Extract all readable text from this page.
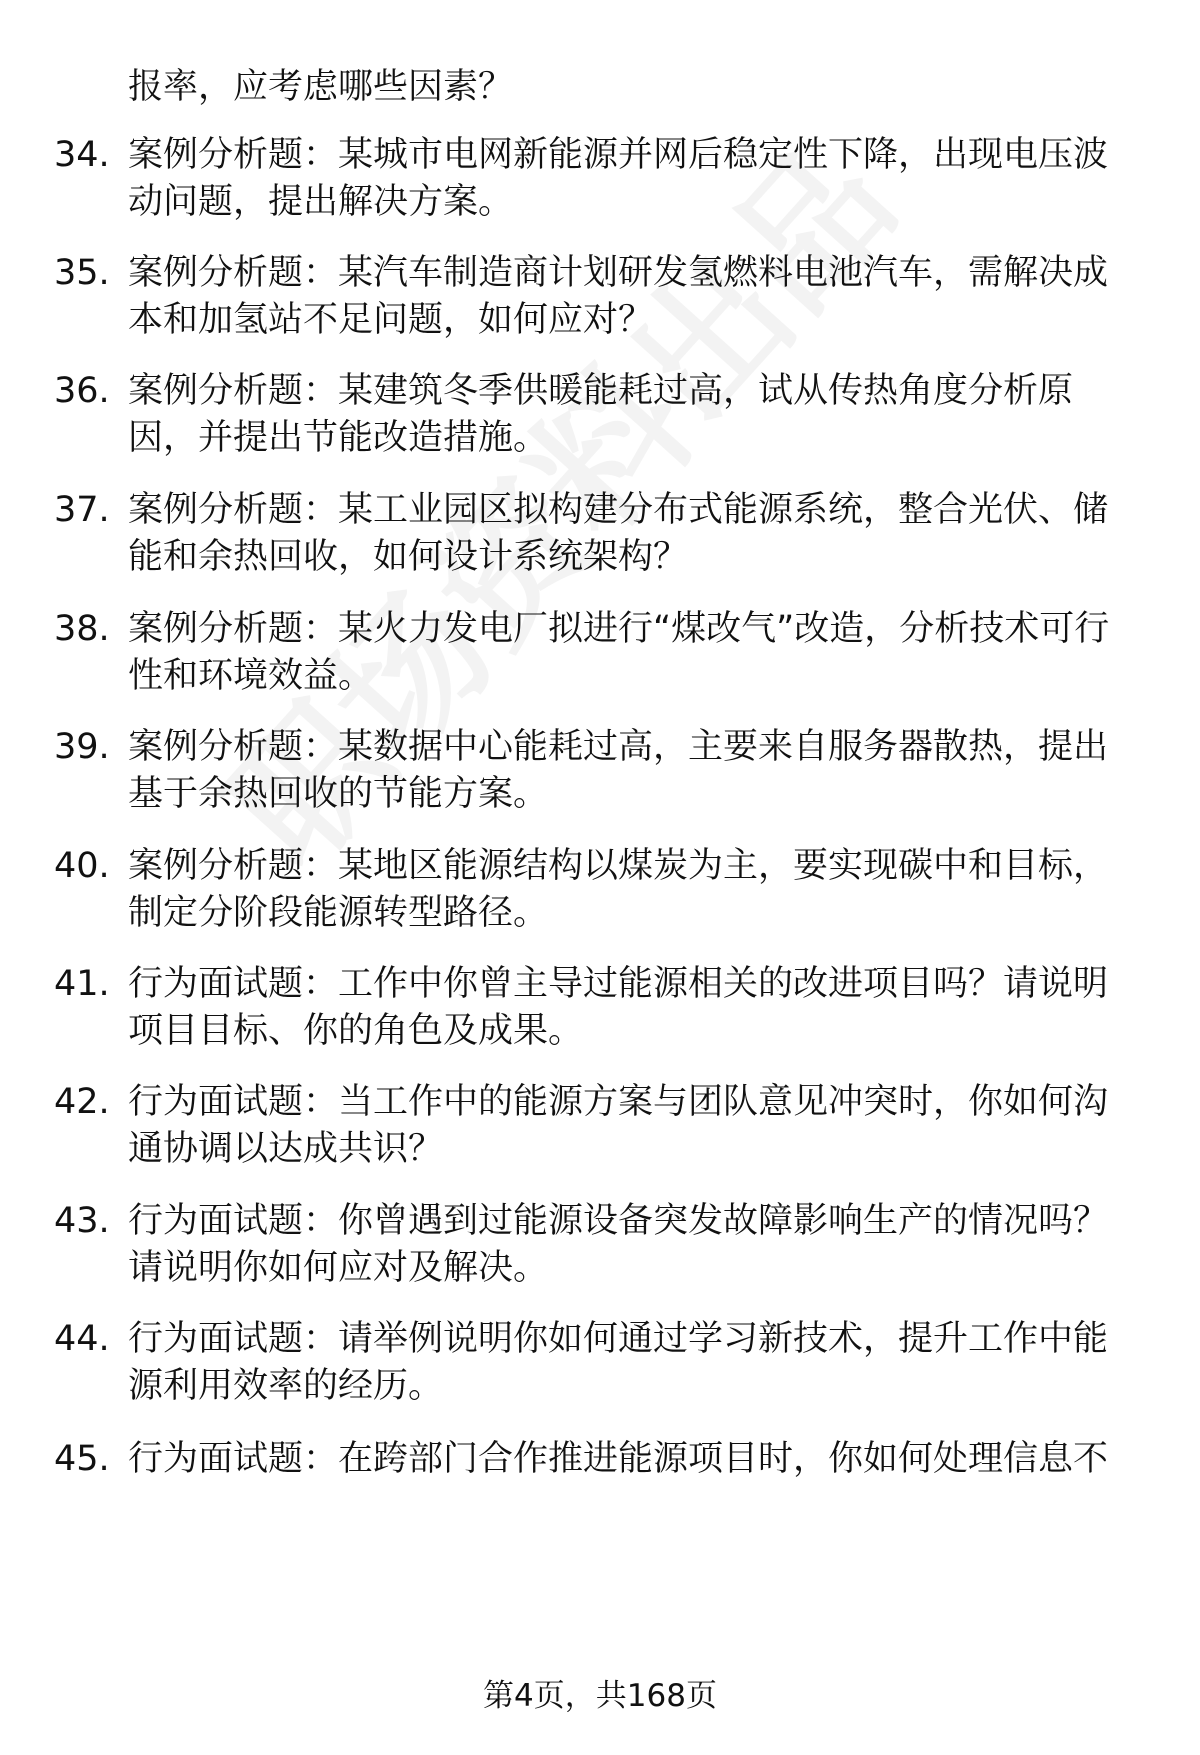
报率，应考虑哪些因素？
34. 案例分析题：某城市电网新能源并网后稳定性下降，出现电压波动问题，提出解决方案。
35. 案例分析题：某汽车制造商计划研发氢燃料电池汽车，需解决成本和加氢站不足问题，如何应对？
36. 案例分析题：某建筑冬季供暖能耗过高，试从传热角度分析原因，并提出节能改造措施。
37. 案例分析题：某工业园区拟构建分布式能源系统，整合光伏、储能和余热回收，如何设计系统架构？
38. 案例分析题：某火力发电厂拟进行“煤改气”改造，分析技术可行性和环境效益。
39. 案例分析题：某数据中心能耗过高，主要来自服务器散热，提出基于余热回收的节能方案。
40. 案例分析题：某地区能源结构以煤炭为主，要实现碳中和目标，制定分阶段能源转型路径。
41. 行为面试题：工作中你曾主导过能源相关的改进项目吗？请说明项目目标、你的角色及成果。
42. 行为面试题：当工作中的能源方案与团队意见冲突时，你如何沟通协调以达成共识？
43. 行为面试题：你曾遇到过能源设备突发故障影响生产的情况吗？请说明你如何应对及解决。
44. 行为面试题：请举例说明你如何通过学习新技术，提升工作中能源利用效率的经历。
45. 行为面试题：在跨部门合作推进能源项目时，你如何处理信息不
第4页，共168页
